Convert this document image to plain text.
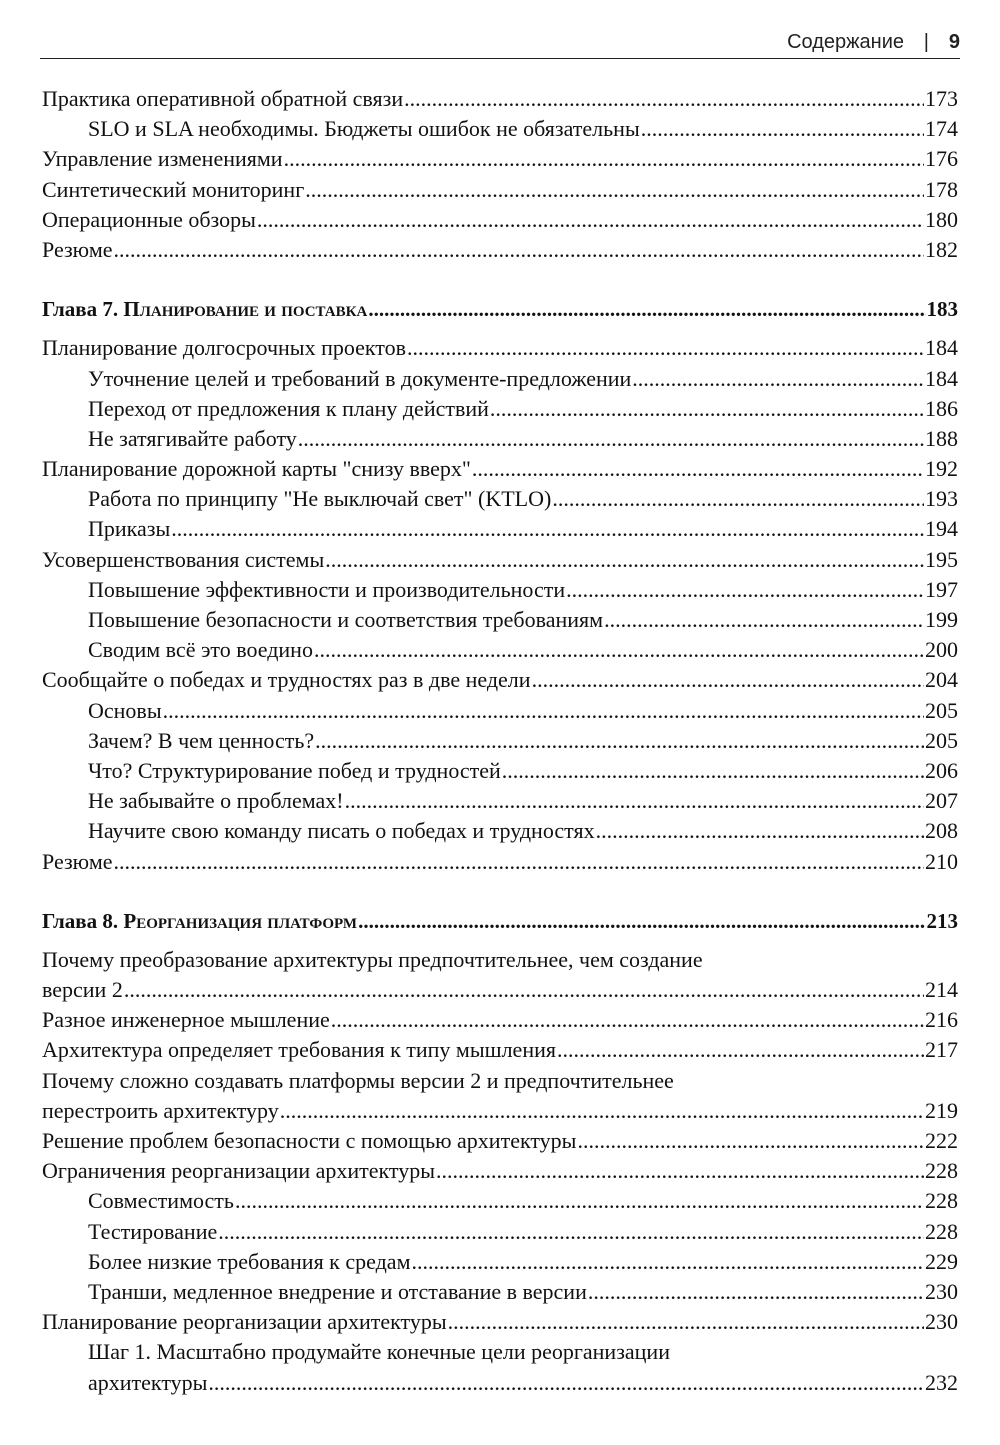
Содержание | 9
Практика оперативной обратной связи .....	173
SLO и SLA необходимы. Бюджеты ошибок не обязательны .....	174
Управление изменениями .....	176
Синтетический мониторинг .....	178
Операционные обзоры .....	180
Резюме .....	182
Глава 7. Планирование и поставка .....	183
Планирование долгосрочных проектов .....	184
Уточнение целей и требований в документе-предложении .....	184
Переход от предложения к плану действий .....	186
Не затягивайте работу .....	188
Планирование дорожной карты "снизу вверх" .....	192
Работа по принципу "Не выключай свет" (KTLO) .....	193
Приказы .....	194
Усовершенствования системы .....	195
Повышение эффективности и производительности .....	197
Повышение безопасности и соответствия требованиям .....	199
Сводим всё это воедино .....	200
Сообщайте о победах и трудностях раз в две недели .....	204
Основы .....	205
Зачем? В чем ценность? .....	205
Что? Структурирование побед и трудностей .....	206
Не забывайте о проблемах! .....	207
Научите свою команду писать о победах и трудностях .....	208
Резюме .....	210
Глава 8. Реорганизация платформ .....	213
Почему преобразование архитектуры предпочтительнее, чем создание
версии 2 .....	214
Разное инженерное мышление .....	216
Архитектура определяет требования к типу мышления .....	217
Почему сложно создавать платформы версии 2 и предпочтительнее
перестроить архитектуру .....	219
Решение проблем безопасности с помощью архитектуры .....	222
Ограничения реорганизации архитектуры .....	228
Совместимость .....	228
Тестирование .....	228
Более низкие требования к средам .....	229
Транши, медленное внедрение и отставание в версии .....	230
Планирование реорганизации архитектуры .....	230
Шаг 1. Масштабно продумайте конечные цели реорганизации
архитектуры .....	232
